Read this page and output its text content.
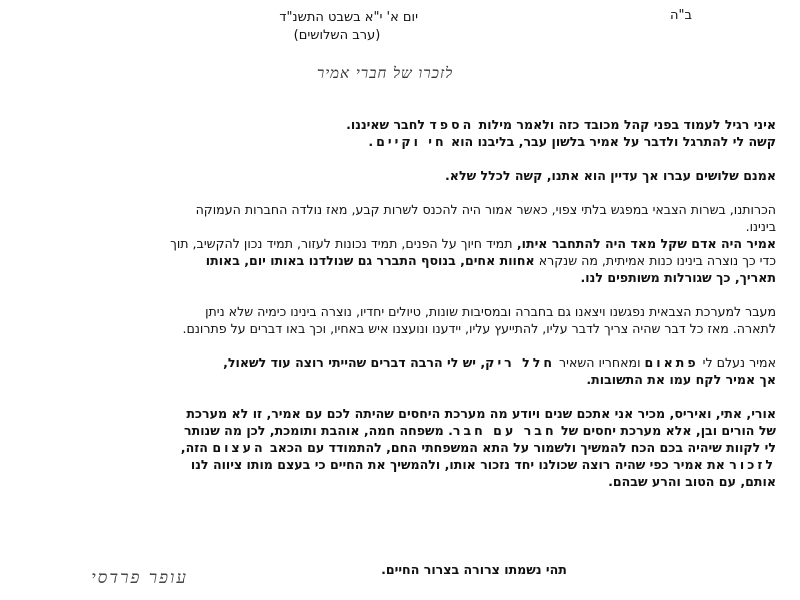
ב"ה
יום א' י"א בשבט התשנ"ד
(ערב השלושים)
לזכרו של חברי אמיר

איני רגיל לעמוד בפני קהל מכובד כזה ולאמר מילות הספד לחבר שאיננו.
קשה לי להתרגל ולדבר על אמיר בלשון עבר, בליבנו הוא חי וקיים.

אמנם שלושים עברו אך עדיין הוא אתנו, קשה לכלל שלא.

הכרותנו, בשרות הצבאי במפגש בלתי צפוי, כאשר אמור היה להכנס לשרות קבע, מאז נולדה החברות העמוקה בינינו.
אמיר היה אדם שקל מאד היה להתחבר איתו, תמיד חיוך על הפנים, תמיד נכונות לעזור, תמיד נכון להקשיב, תוך כדי כך נוצרה בינינו כנות אמיתית, מה שנקרא אחוות אחים, בנוסף התברר גם שנולדנו באותו יום, באותו תאריך, כך שגורלות משותפים לנו.

מעבר למערכת הצבאית נפגשנו ויצאנו גם בחברה ובמסיבות שונות, טיולים יחדיו, נוצרה בינינו כימיה שלא ניתן לתארה. מאז כל דבר שהיה צריך לדבר עליו, להתייעץ עליו, יידענו ונועצנו איש באחיו, וכך באו דברים על פתרונם.

אמיר נעלם לי פתאום ומאחריו השאיר חלל ריק, יש לי הרבה דברים שהייתי רוצה עוד לשאול,
אך אמיר לקח עמו את התשובות.

אורי, אתי, ואיריס, מכיר אני אתכם שנים ויודע מה מערכת היחסים שהיתה לכם עם אמיר, זו לא מערכת של הורים ובן, אלא מערכת יחסים של חבר עם חבר. משפחה חמה, אוהבת ותומכת, לכן מה שנותר לי לקוות שיהיה בכם הכח להמשיך ולשמור על התא המשפחתי החם, להתמודד עם הכאב העצום הזה, לזכור את אמיר כפי שהיה רוצה שכולנו יחד נזכור אותו, ולהמשיך את החיים כי בעצם מותו ציווה לנו אותם, עם הטוב והרע שבהם.

תהי נשמתו צרורה בצרור החיים.
עופר פרדסי
